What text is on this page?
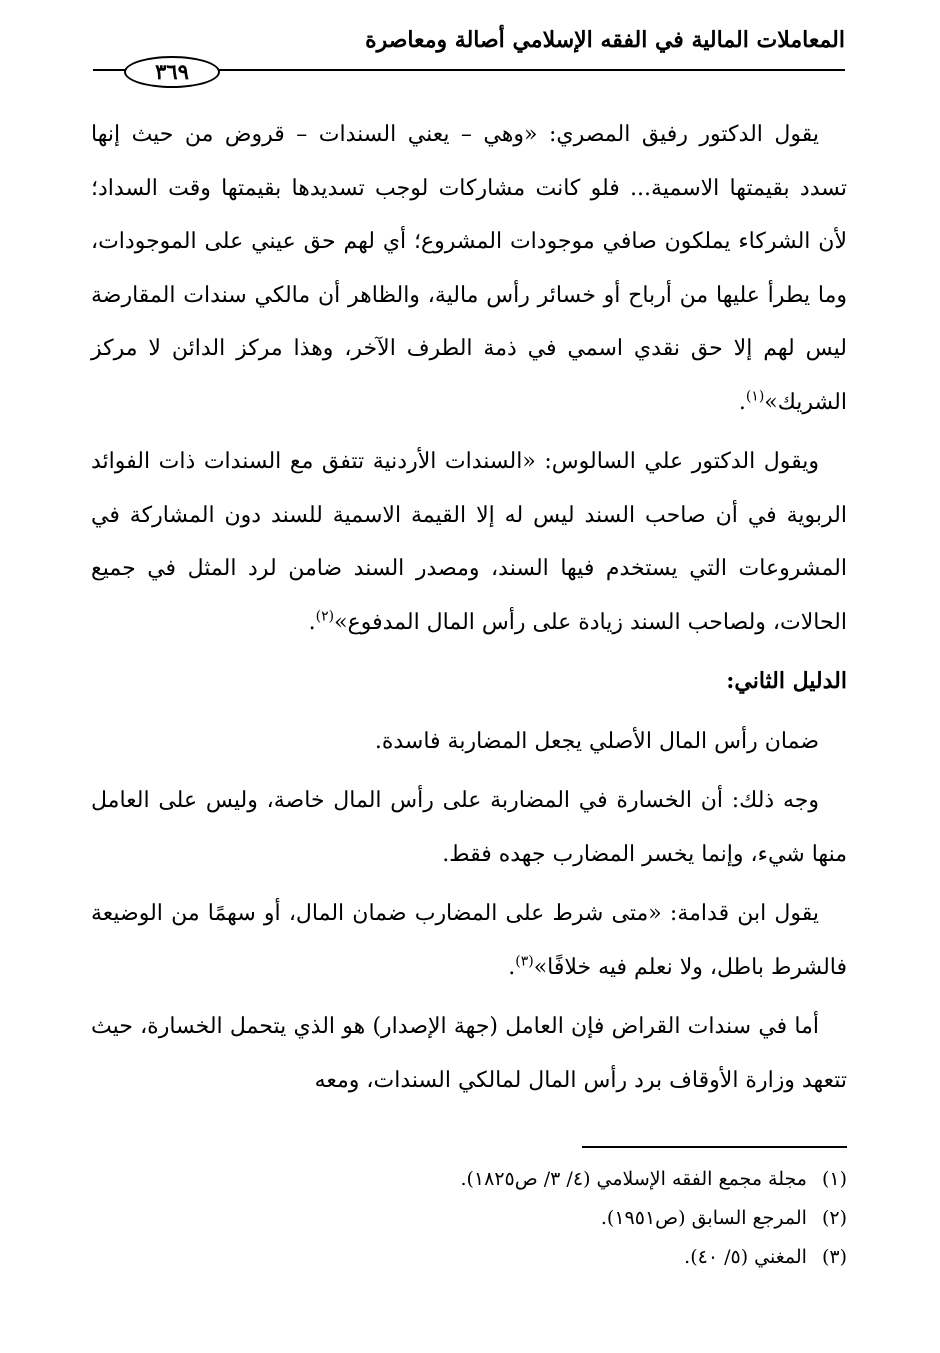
المعاملات المالية في الفقه الإسلامي أصالة ومعاصرة
٣٦٩

يقول الدكتور رفيق المصري: «وهي – يعني السندات – قروض من حيث إنها تسدد بقيمتها الاسمية... فلو كانت مشاركات لوجب تسديدها بقيمتها وقت السداد؛ لأن الشركاء يملكون صافي موجودات المشروع؛ أي لهم حق عيني على الموجودات، وما يطرأ عليها من أرباح أو خسائر رأس مالية، والظاهر أن مالكي سندات المقارضة ليس لهم إلا حق نقدي اسمي في ذمة الطرف الآخر، وهذا مركز الدائن لا مركز الشريك»$^{(١)}$.

ويقول الدكتور علي السالوس: «السندات الأردنية تتفق مع السندات ذات الفوائد الربوية في أن صاحب السند ليس له إلا القيمة الاسمية للسند دون المشاركة في المشروعات التي يستخدم فيها السند، ومصدر السند ضامن لرد المثل في جميع الحالات، ولصاحب السند زيادة على رأس المال المدفوع»$^{(٢)}$.

الدليل الثاني:

ضمان رأس المال الأصلي يجعل المضاربة فاسدة.

وجه ذلك: أن الخسارة في المضاربة على رأس المال خاصة، وليس على العامل منها شيء، وإنما يخسر المضارب جهده فقط.

يقول ابن قدامة: «متى شرط على المضارب ضمان المال، أو سهمًا من الوضيعة فالشرط باطل، ولا نعلم فيه خلافًا»$^{(٣)}$.

أما في سندات القراض فإن العامل (جهة الإصدار) هو الذي يتحمل الخسارة، حيث تتعهد وزارة الأوقاف برد رأس المال لمالكي السندات، ومعه

(١) مجلة مجمع الفقه الإسلامي (٤/ ٣/ ص١٨٢٥).
(٢) المرجع السابق (ص١٩٥١).
(٣) المغني (٥/ ٤٠).
